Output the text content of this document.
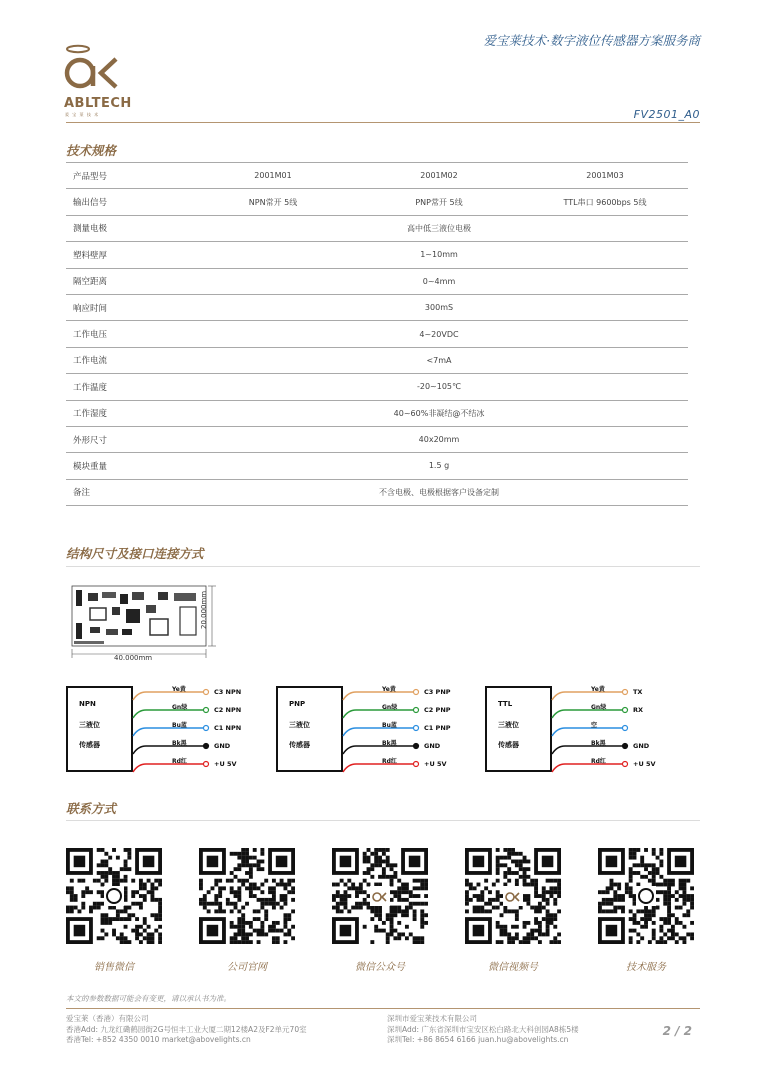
爱宝莱技术·数字液位传感器方案服务商
ABLTECH
爱 宝 莱 技 术	FV2501_A0
技术规格
产品型号	2001M01	2001M02	2001M03
输出信号	NPN常开 5线	PNP常开 5线	TTL串口 9600bps 5线
测量电极	高中低三液位电极		
塑料壁厚	1~10mm		
隔空距离	0~4mm		
响应时间	300mS		
工作电压	4~20VDC		
工作电流	<7mA		
工作温度	-20~105℃		
工作湿度	40~60%非凝结@不结冰		
外形尺寸	40x20mm		
模块重量	1.5 g		
备注	不含电极、电极根据客户设备定制		
结构尺寸及接口连接方式
20.000mm
40.000mm
NPN
三液位
传感器
Ye黄	C3 NPN
Gn绿	C2 NPN
Bu蓝	C1 NPN
Bk黑	GND
Rd红	+U 5V
PNP
三液位
传感器
Ye黄	C3 PNP
Gn绿	C2 PNP
Bu蓝	C1 PNP
Bk黑	GND
Rd红	+U 5V
TTL
三液位
传感器
Ye黄	TX
Gn绿	RX
空
Bk黑	GND
Rd红	+U 5V
联系方式
销售微信	公司官网	微信公众号	微信视频号	技术服务
本文的参数数据可能会有变更，请以承认书为准。
爱宝莱（香港）有限公司
香港Add: 九龙红磡鹤园街2G号恒丰工业大厦二期12楼A2及F2单元70室
香港Tel: +852 4350 0010 market@abovelights.cn
深圳市爱宝莱技术有限公司
深圳Add: 广东省深圳市宝安区松白路北大科创园A8栋5楼
深圳Tel: +86 8654 6166 juan.hu@abovelights.cn
2 / 2
